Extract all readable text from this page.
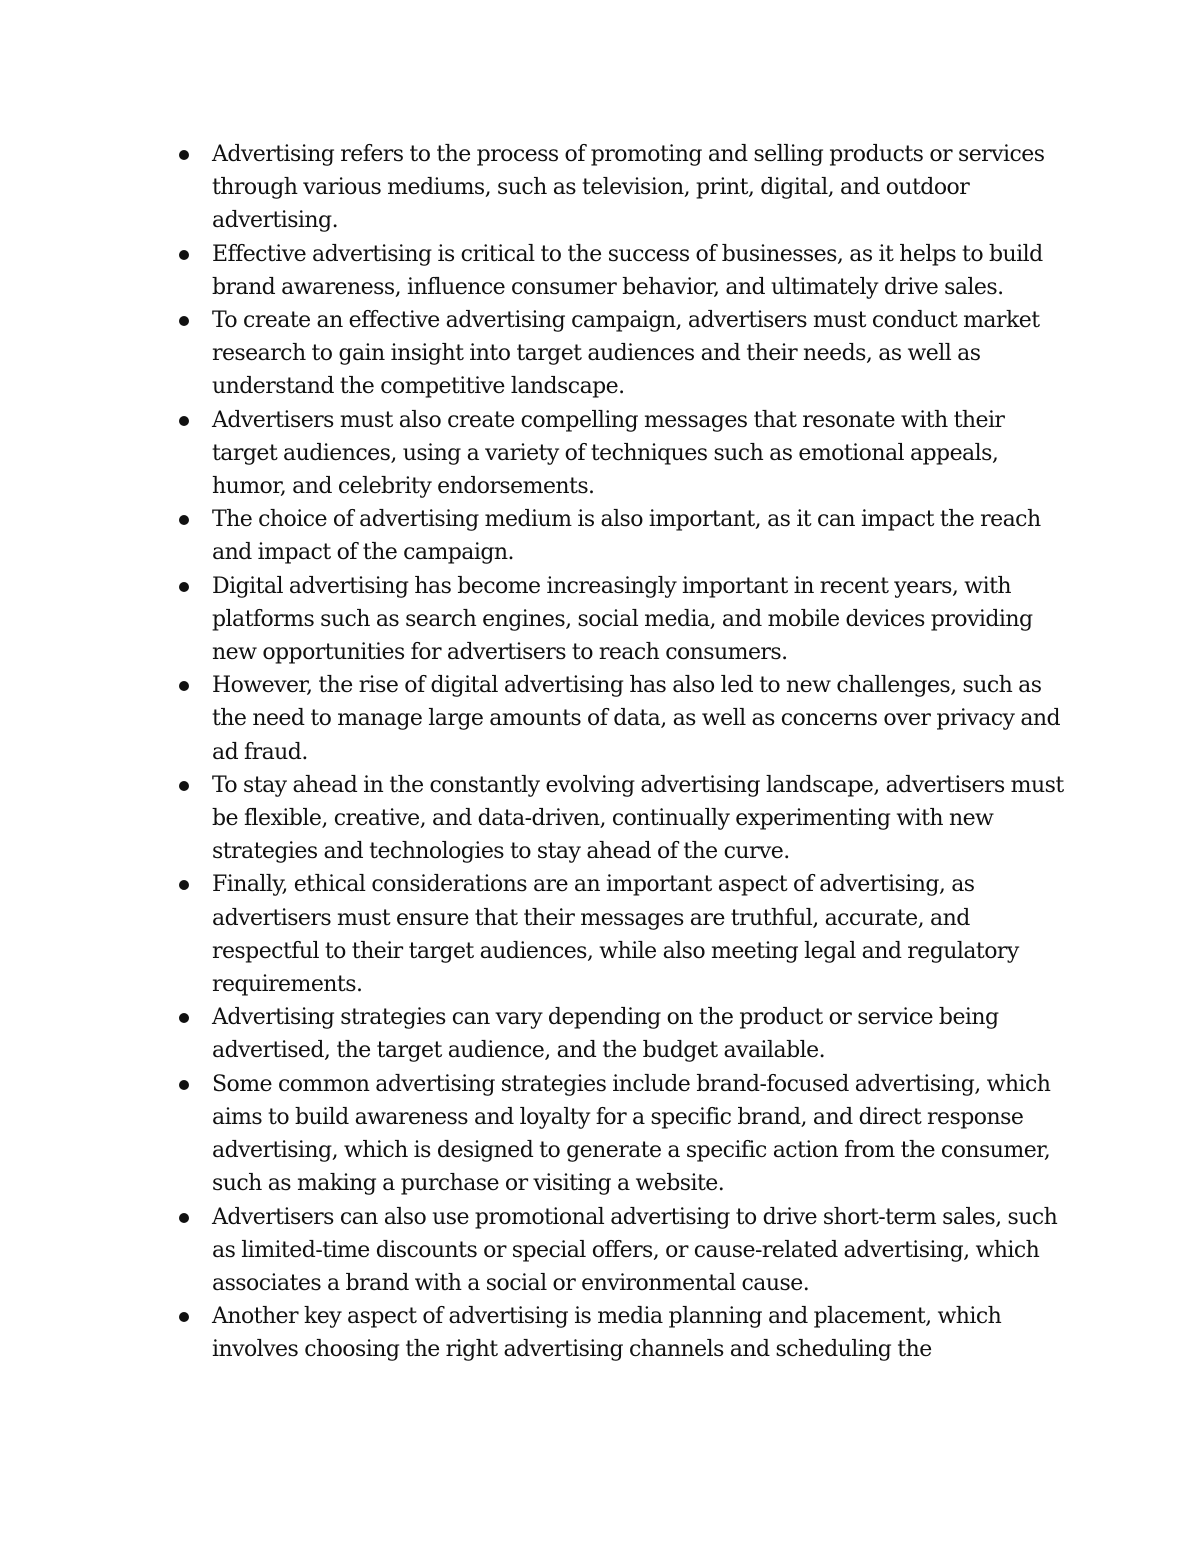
Advertising refers to the process of promoting and selling products or services through various mediums, such as television, print, digital, and outdoor advertising.
Effective advertising is critical to the success of businesses, as it helps to build brand awareness, influence consumer behavior, and ultimately drive sales.
To create an effective advertising campaign, advertisers must conduct market research to gain insight into target audiences and their needs, as well as understand the competitive landscape.
Advertisers must also create compelling messages that resonate with their target audiences, using a variety of techniques such as emotional appeals, humor, and celebrity endorsements.
The choice of advertising medium is also important, as it can impact the reach and impact of the campaign.
Digital advertising has become increasingly important in recent years, with platforms such as search engines, social media, and mobile devices providing new opportunities for advertisers to reach consumers.
However, the rise of digital advertising has also led to new challenges, such as the need to manage large amounts of data, as well as concerns over privacy and ad fraud.
To stay ahead in the constantly evolving advertising landscape, advertisers must be flexible, creative, and data-driven, continually experimenting with new strategies and technologies to stay ahead of the curve.
Finally, ethical considerations are an important aspect of advertising, as advertisers must ensure that their messages are truthful, accurate, and respectful to their target audiences, while also meeting legal and regulatory requirements.
Advertising strategies can vary depending on the product or service being advertised, the target audience, and the budget available.
Some common advertising strategies include brand-focused advertising, which aims to build awareness and loyalty for a specific brand, and direct response advertising, which is designed to generate a specific action from the consumer, such as making a purchase or visiting a website.
Advertisers can also use promotional advertising to drive short-term sales, such as limited-time discounts or special offers, or cause-related advertising, which associates a brand with a social or environmental cause.
Another key aspect of advertising is media planning and placement, which involves choosing the right advertising channels and scheduling the
